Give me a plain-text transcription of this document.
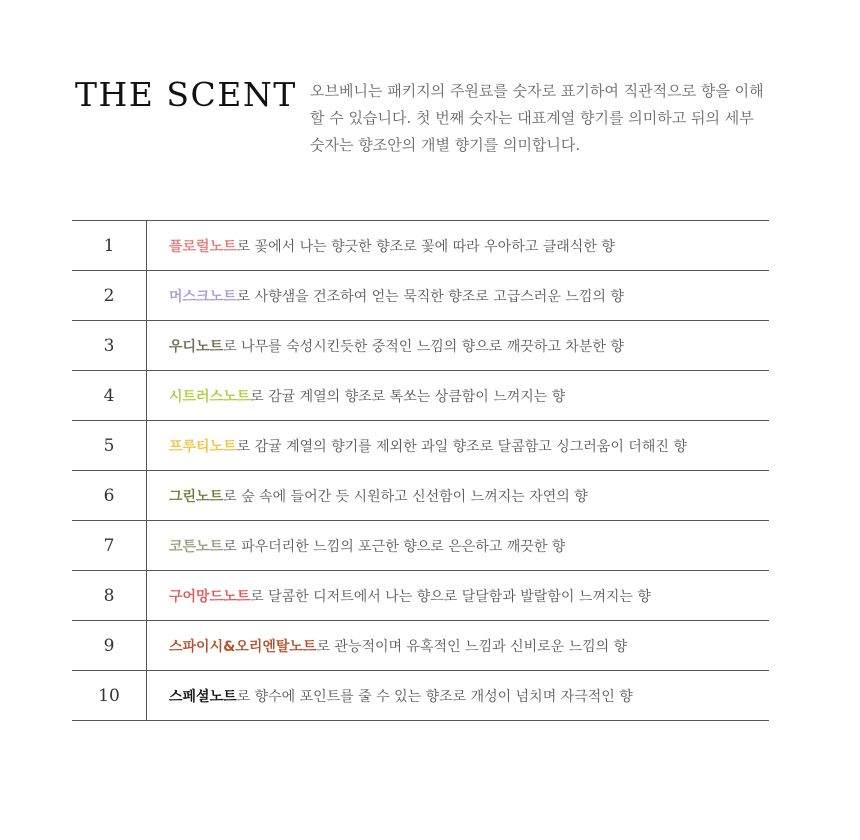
THE SCENT 오브베니는 패키지의 주원료를 숫자로 표기하여 직관적으로 향을 이해
할 수 있습니다. 첫 번째 숫자는 대표계열 향기를 의미하고 뒤의 세부
숫자는 향조안의 개별 향기를 의미합니다.
1	플로럴노트 로 꽃에서 나는 향긋한 향조로 꽃에 따라 우아하고 클래식한 향
2	머스크노트 로 사향샘을 건조하여 얻는 묵직한 향조로 고급스러운 느낌의 향
3	우디노트 로 나무를 숙성시킨듯한 중적인 느낌의 향으로 깨끗하고 차분한 향
4	시트러스노트 로 감귤 계열의 향조로 톡쏘는 상큼함이 느껴지는 향
5	프루티노트 로 감귤 계열의 향기를 제외한 과일 향조로 달콤함고 싱그러움이 더해진 향
6	그린노트 로 숲 속에 들어간 듯 시원하고 신선함이 느껴지는 자연의 향
7	코튼노트 로 파우더리한 느낌의 포근한 향으로 은은하고 깨끗한 향
8	구어망드노트 로 달콤한 디저트에서 나는 향으로 달달함과 발랄함이 느껴지는 향
9	스파이시&오리엔탈노트 로 관능적이며 유혹적인 느낌과 신비로운 느낌의 향
10	스페셜노트 로 향수에 포인트를 줄 수 있는 향조로 개성이 넘치며 자극적인 향
